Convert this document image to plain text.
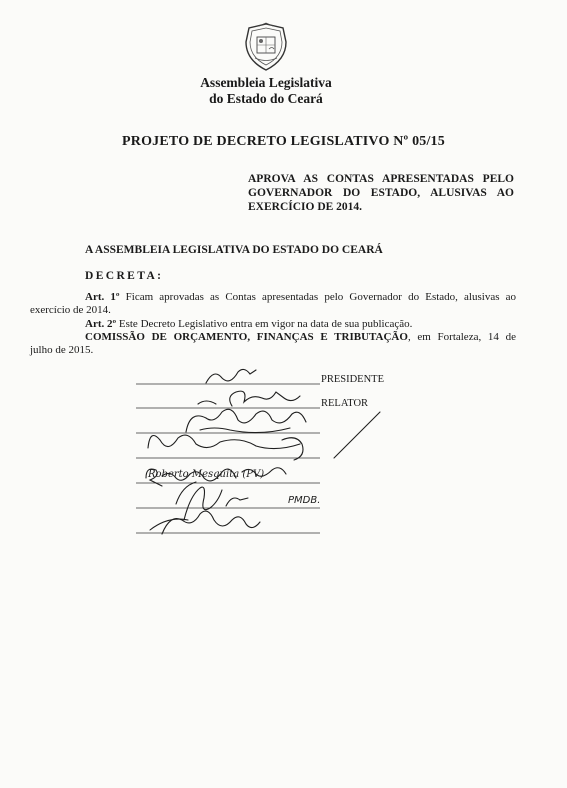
Assembleia Legislativa
do Estado do Ceará
PROJETO DE DECRETO LEGISLATIVO Nº 05/15
APROVA AS CONTAS APRESENTADAS PELO
GOVERNADOR DO ESTADO, ALUSIVAS AO
EXERCÍCIO DE 2014.
A ASSEMBLEIA LEGISLATIVA DO ESTADO DO CEARÁ
DECRETA:
Art. 1º Ficam aprovadas as Contas apresentadas pelo Governador do Estado, alusivas ao exercício de 2014.
Art. 2º Este Decreto Legislativo entra em vigor na data de sua publicação.
COMISSÃO DE ORÇAMENTO, FINANÇAS E TRIBUTAÇÃO, em Fortaleza, 14 de
julho de 2015.
PRESIDENTE
RELATOR
PMDB.
Roberto Mesquita (PV)
